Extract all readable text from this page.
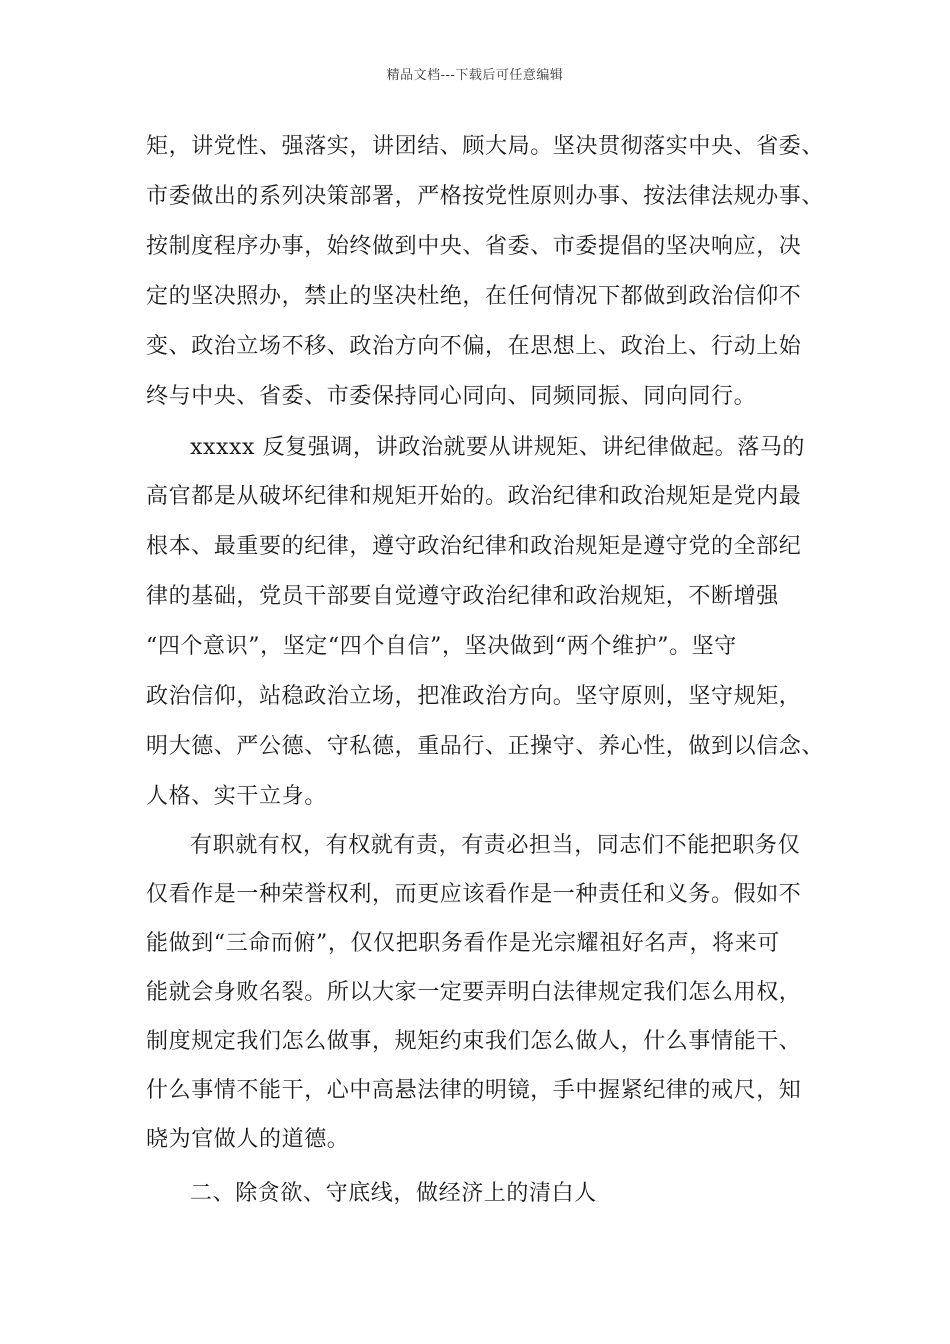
精品文档---下载后可任意编辑
矩，讲党性、强落实，讲团结、顾大局。坚决贯彻落实中央、省委、
市委做出的系列决策部署，严格按党性原则办事、按法律法规办事、
按制度程序办事，始终做到中央、省委、市委提倡的坚决响应，决
定的坚决照办，禁止的坚决杜绝，在任何情况下都做到政治信仰不
变、政治立场不移、政治方向不偏，在思想上、政治上、行动上始
终与中央、省委、市委保持同心同向、同频同振、同向同行。
xxxxx 反复强调，讲政治就要从讲规矩、讲纪律做起。落马的
高官都是从破坏纪律和规矩开始的。政治纪律和政治规矩是党内最
根本、最重要的纪律，遵守政治纪律和政治规矩是遵守党的全部纪
律的基础，党员干部要自觉遵守政治纪律和政治规矩，不断增强
“四个意识”，坚定“四个自信”，坚决做到“两个维护”。坚守
政治信仰，站稳政治立场，把准政治方向。坚守原则，坚守规矩，
明大德、严公德、守私德，重品行、正操守、养心性，做到以信念、
人格、实干立身。
有职就有权，有权就有责，有责必担当，同志们不能把职务仅
仅看作是一种荣誉权利，而更应该看作是一种责任和义务。假如不
能做到“三命而俯”，仅仅把职务看作是光宗耀祖好名声，将来可
能就会身败名裂。所以大家一定要弄明白法律规定我们怎么用权，
制度规定我们怎么做事，规矩约束我们怎么做人，什么事情能干、
什么事情不能干，心中高悬法律的明镜，手中握紧纪律的戒尺，知
晓为官做人的道德。
二、除贪欲、守底线，做经济上的清白人
